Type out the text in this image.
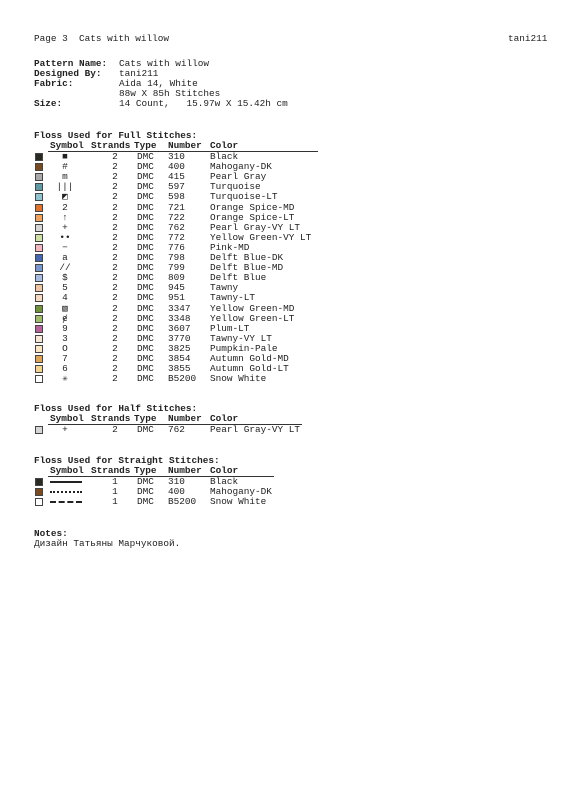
Page 3 Cats with willow	tani211
Pattern Name: Cats with willow
Designed By: tani211
Fabric:	Aida 14, White
88w X 85h Stitches
Size:	14 Count,   15.97w X 15.42h cm
Floss Used for Full Stitches:
Symbol Strands Type Number Color
■	2	DMC 310	Black
#	2	DMC 400	Mahogany-DK
m	2	DMC 415	Pearl Gray
|||	2	DMC 597	Turquoise
◩	2	DMC 598	Turquoise-LT
2	2	DMC 721	Orange Spice-MD
↑	2	DMC 722	Orange Spice-LT
+	2	DMC 762	Pearl Gray-VY LT
••	2	DMC 772	Yellow Green-VY LT
−	2	DMC 776	Pink-MD
a	2	DMC 798	Delft Blue-DK
//	2	DMC 799	Delft Blue-MD
$	2	DMC 809	Delft Blue
5	2	DMC 945	Tawny
4	2	DMC 951	Tawny-LT
▧	2	DMC 3347 Yellow Green-MD
ɇ	2	DMC 3348 Yellow Green-LT
9	2	DMC 3607 Plum-LT
3	2	DMC 3770 Tawny-VY LT
O	2	DMC 3825 Pumpkin-Pale
7	2	DMC 3854 Autumn Gold-MD
6	2	DMC 3855 Autumn Gold-LT
✳	2	DMC B5200 Snow White
Floss Used for Half Stitches:
Symbol Strands Type Number Color
+	2	DMC 762	Pearl Gray-VY LT
Floss Used for Straight Stitches:
Symbol Strands Type Number Color
1	DMC 310	Black
1	DMC 400	Mahogany-DK
1	DMC B5200 Snow White
Notes:
Дизайн Татьяны Марчуковой.
